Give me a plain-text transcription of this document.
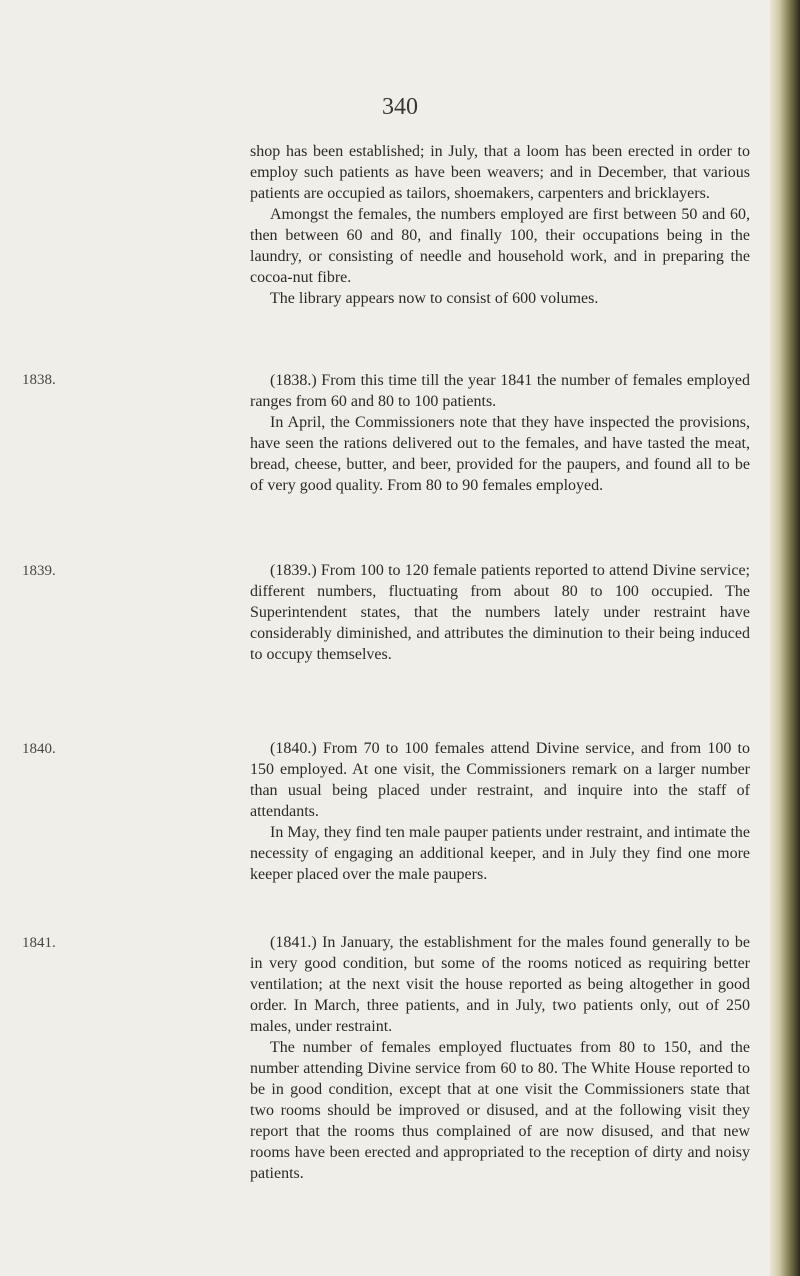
340
1838.
1839.
1840.
1841.

shop has been established; in July, that a loom has been erected in order to employ such patients as have been weavers; and in December, that various patients are occupied as tailors, shoemakers, carpenters and bricklayers.

Amongst the females, the numbers employed are first between 50 and 60, then between 60 and 80, and finally 100, their occupations being in the laundry, or consisting of needle and household work, and in preparing the cocoa-nut fibre.

The library appears now to consist of 600 volumes.

(1838.) From this time till the year 1841 the number of females employed ranges from 60 and 80 to 100 patients.

In April, the Commissioners note that they have inspected the provisions, have seen the rations delivered out to the females, and have tasted the meat, bread, cheese, butter, and beer, provided for the paupers, and found all to be of very good quality. From 80 to 90 females employed.

(1839.) From 100 to 120 female patients reported to attend Divine service; different numbers, fluctuating from about 80 to 100 occupied. The Superintendent states, that the numbers lately under restraint have considerably diminished, and attributes the diminution to their being induced to occupy themselves.

(1840.) From 70 to 100 females attend Divine service, and from 100 to 150 employed. At one visit, the Commissioners remark on a larger number than usual being placed under restraint, and inquire into the staff of attendants.

In May, they find ten male pauper patients under restraint, and intimate the necessity of engaging an additional keeper, and in July they find one more keeper placed over the male paupers.

(1841.) In January, the establishment for the males found generally to be in very good condition, but some of the rooms noticed as requiring better ventilation; at the next visit the house reported as being altogether in good order. In March, three patients, and in July, two patients only, out of 250 males, under restraint.

The number of females employed fluctuates from 80 to 150, and the number attending Divine service from 60 to 80. The White House reported to be in good condition, except that at one visit the Commissioners state that two rooms should be improved or disused, and at the following visit they report that the rooms thus complained of are now disused, and that new rooms have been erected and appropriated to the reception of dirty and noisy patients.
